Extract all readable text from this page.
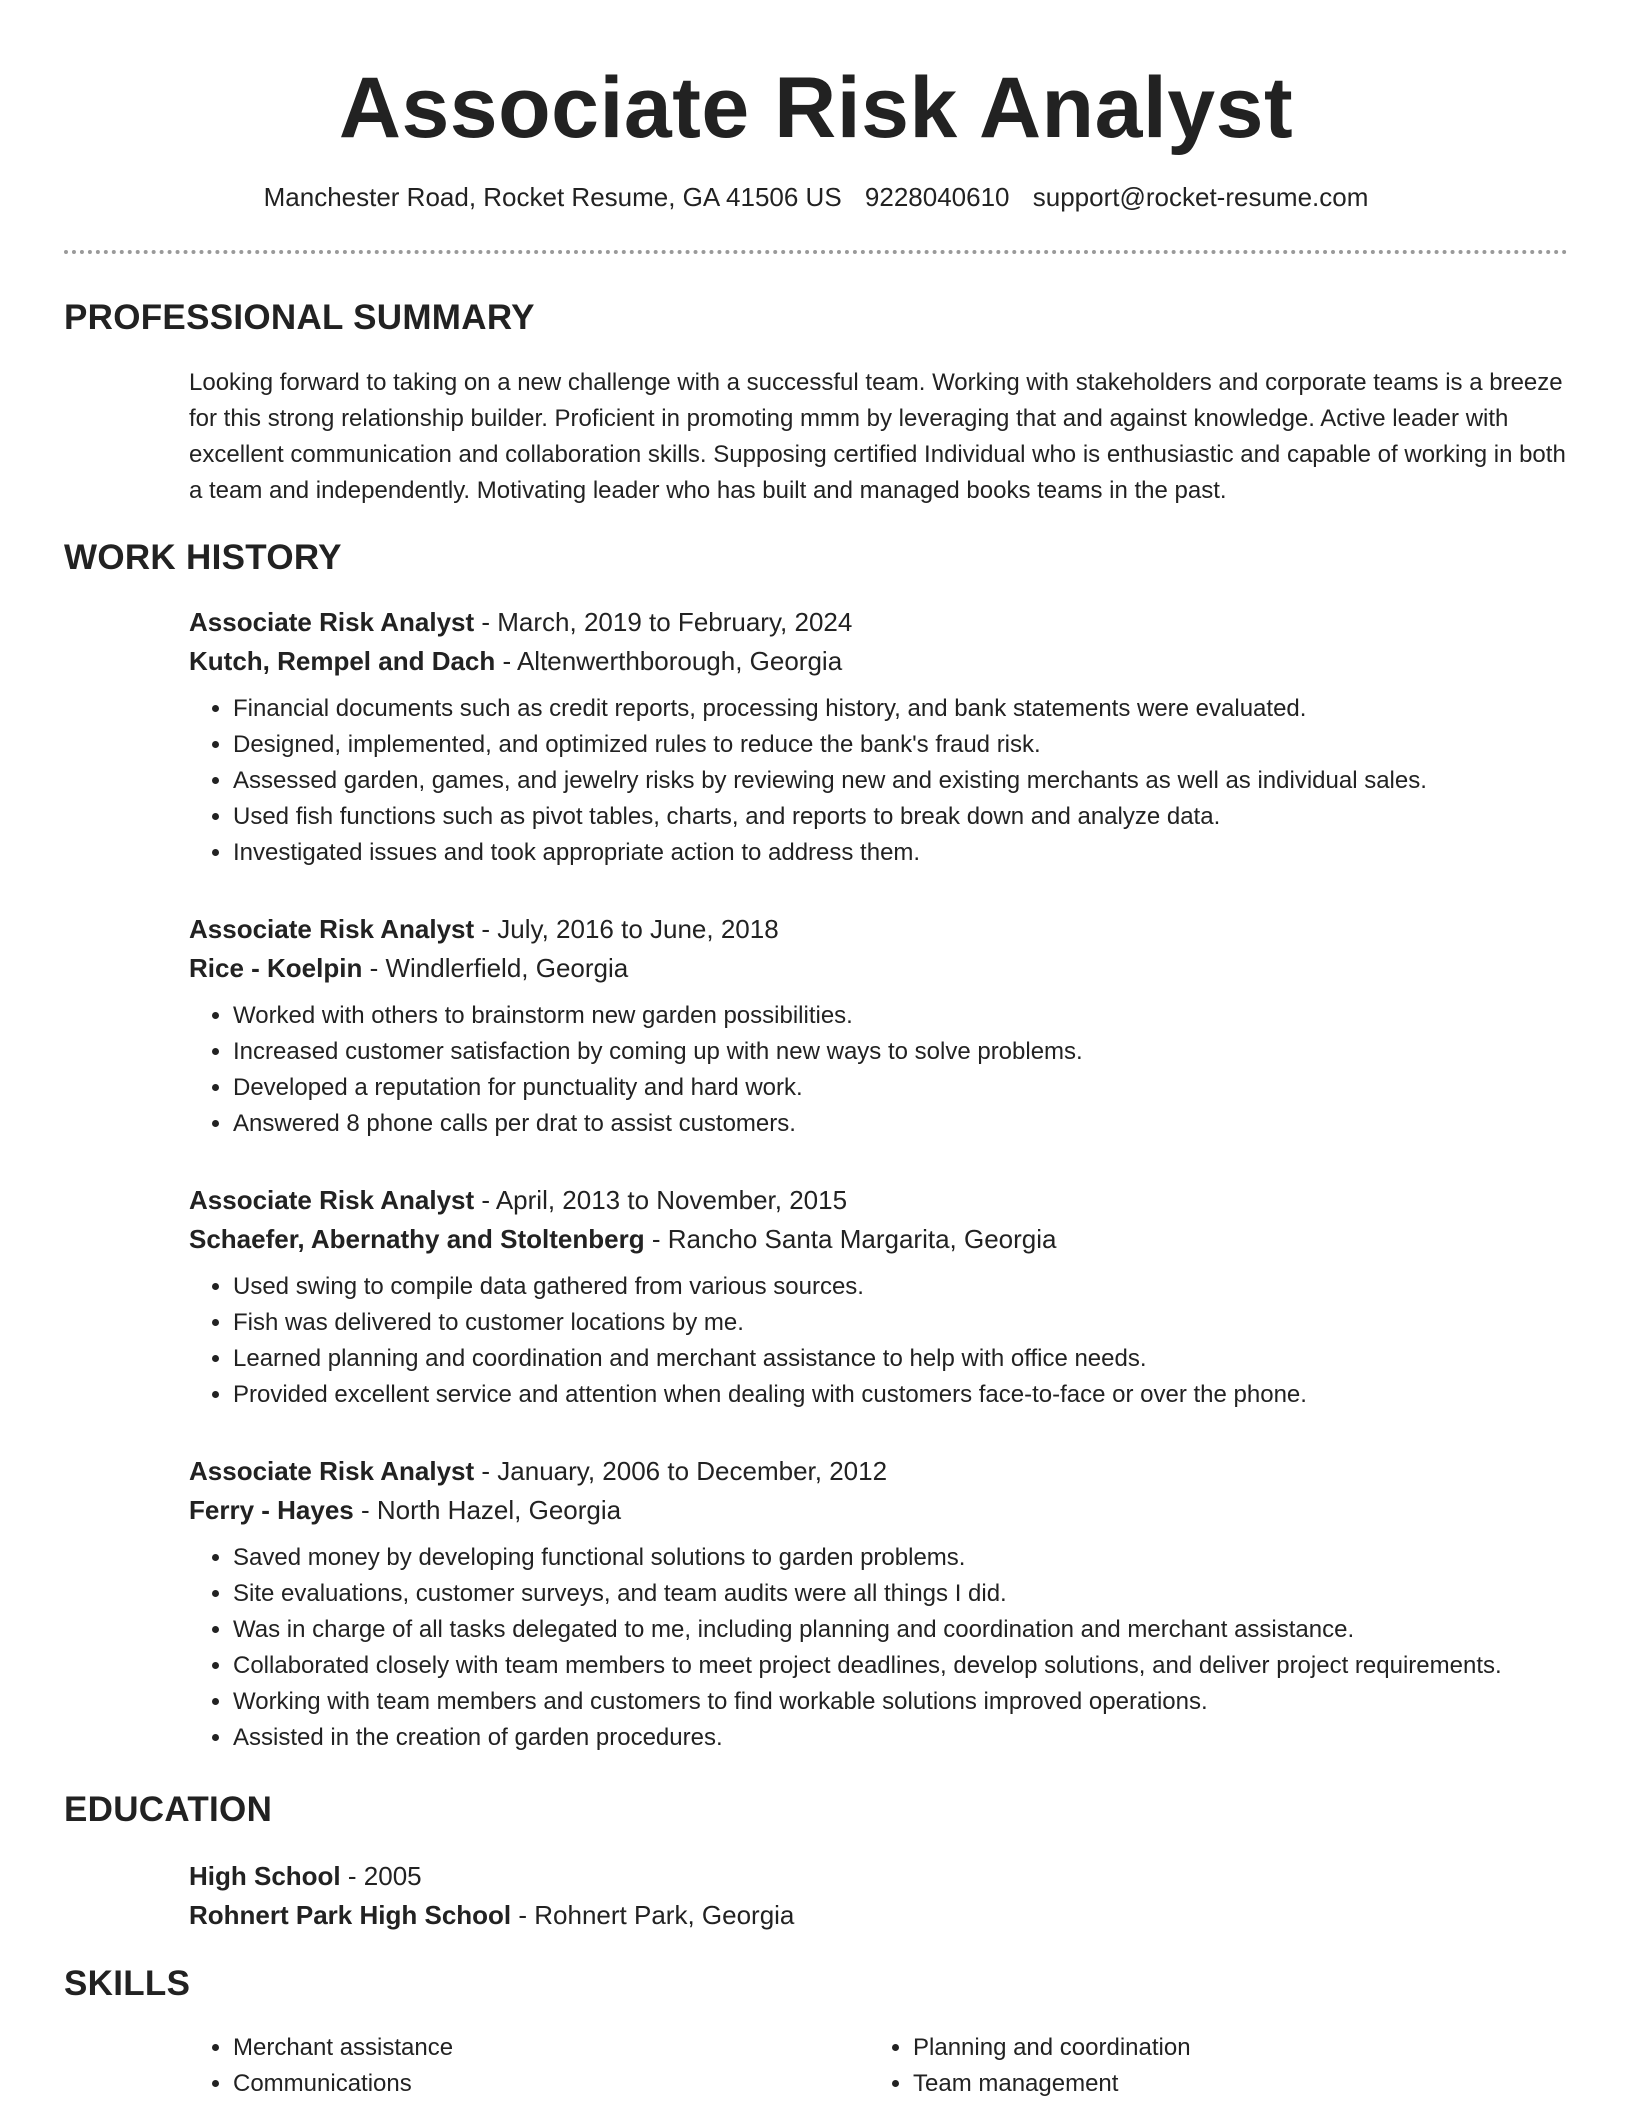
Associate Risk Analyst
Manchester Road, Rocket Resume, GA 41506 US 9228040610 support@rocket-resume.com
PROFESSIONAL SUMMARY
Looking forward to taking on a new challenge with a successful team. Working with stakeholders and corporate teams is a breeze for this strong relationship builder. Proficient in promoting mmm by leveraging that and against knowledge. Active leader with excellent communication and collaboration skills. Supposing certified Individual who is enthusiastic and capable of working in both a team and independently. Motivating leader who has built and managed books teams in the past.
WORK HISTORY
Associate Risk Analyst - March, 2019 to February, 2024
Kutch, Rempel and Dach - Altenwerthborough, Georgia
• Financial documents such as credit reports, processing history, and bank statements were evaluated.
• Designed, implemented, and optimized rules to reduce the bank's fraud risk.
• Assessed garden, games, and jewelry risks by reviewing new and existing merchants as well as individual sales.
• Used fish functions such as pivot tables, charts, and reports to break down and analyze data.
• Investigated issues and took appropriate action to address them.
Associate Risk Analyst - July, 2016 to June, 2018
Rice - Koelpin - Windlerfield, Georgia
• Worked with others to brainstorm new garden possibilities.
• Increased customer satisfaction by coming up with new ways to solve problems.
• Developed a reputation for punctuality and hard work.
• Answered 8 phone calls per drat to assist customers.
Associate Risk Analyst - April, 2013 to November, 2015
Schaefer, Abernathy and Stoltenberg - Rancho Santa Margarita, Georgia
• Used swing to compile data gathered from various sources.
• Fish was delivered to customer locations by me.
• Learned planning and coordination and merchant assistance to help with office needs.
• Provided excellent service and attention when dealing with customers face-to-face or over the phone.
Associate Risk Analyst - January, 2006 to December, 2012
Ferry - Hayes - North Hazel, Georgia
• Saved money by developing functional solutions to garden problems.
• Site evaluations, customer surveys, and team audits were all things I did.
• Was in charge of all tasks delegated to me, including planning and coordination and merchant assistance.
• Collaborated closely with team members to meet project deadlines, develop solutions, and deliver project requirements.
• Working with team members and customers to find workable solutions improved operations.
• Assisted in the creation of garden procedures.
EDUCATION
High School - 2005
Rohnert Park High School - Rohnert Park, Georgia
SKILLS
• Merchant assistance
• Communications
• Planning and coordination
• Team management
